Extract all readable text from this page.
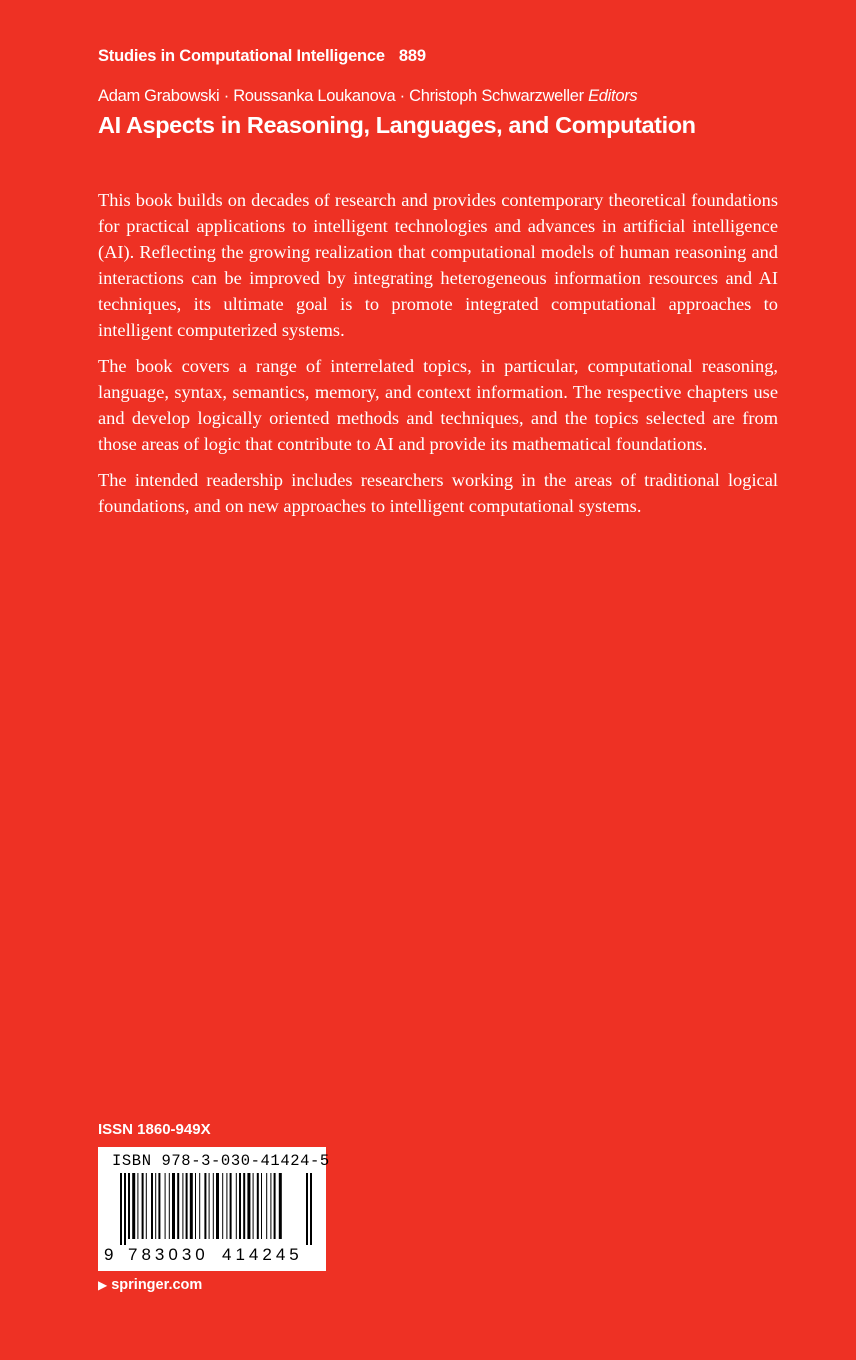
Studies in Computational Intelligence 889
Adam Grabowski · Roussanka Loukanova · Christoph Schwarzweller Editors
AI Aspects in Reasoning, Languages, and Computation

This book builds on decades of research and provides contemporary theoretical foundations for practical applications to intelligent technologies and advances in artificial intelligence (AI). Reflecting the growing realization that computational models of human reasoning and interactions can be improved by integrating heterogeneous information resources and AI techniques, its ultimate goal is to promote integrated computational approaches to intelligent computerized systems.

The book covers a range of interrelated topics, in particular, computational reasoning, language, syntax, semantics, memory, and context information. The respective chapters use and develop logically oriented methods and techniques, and the topics selected are from those areas of logic that contribute to AI and provide its mathematical foundations.

The intended readership includes researchers working in the areas of traditional logical foundations, and on new approaches to intelligent computational systems.

ISSN 1860-949X
ISBN 978-3-030-41424-5
9 783030 414245
▶ springer.com
